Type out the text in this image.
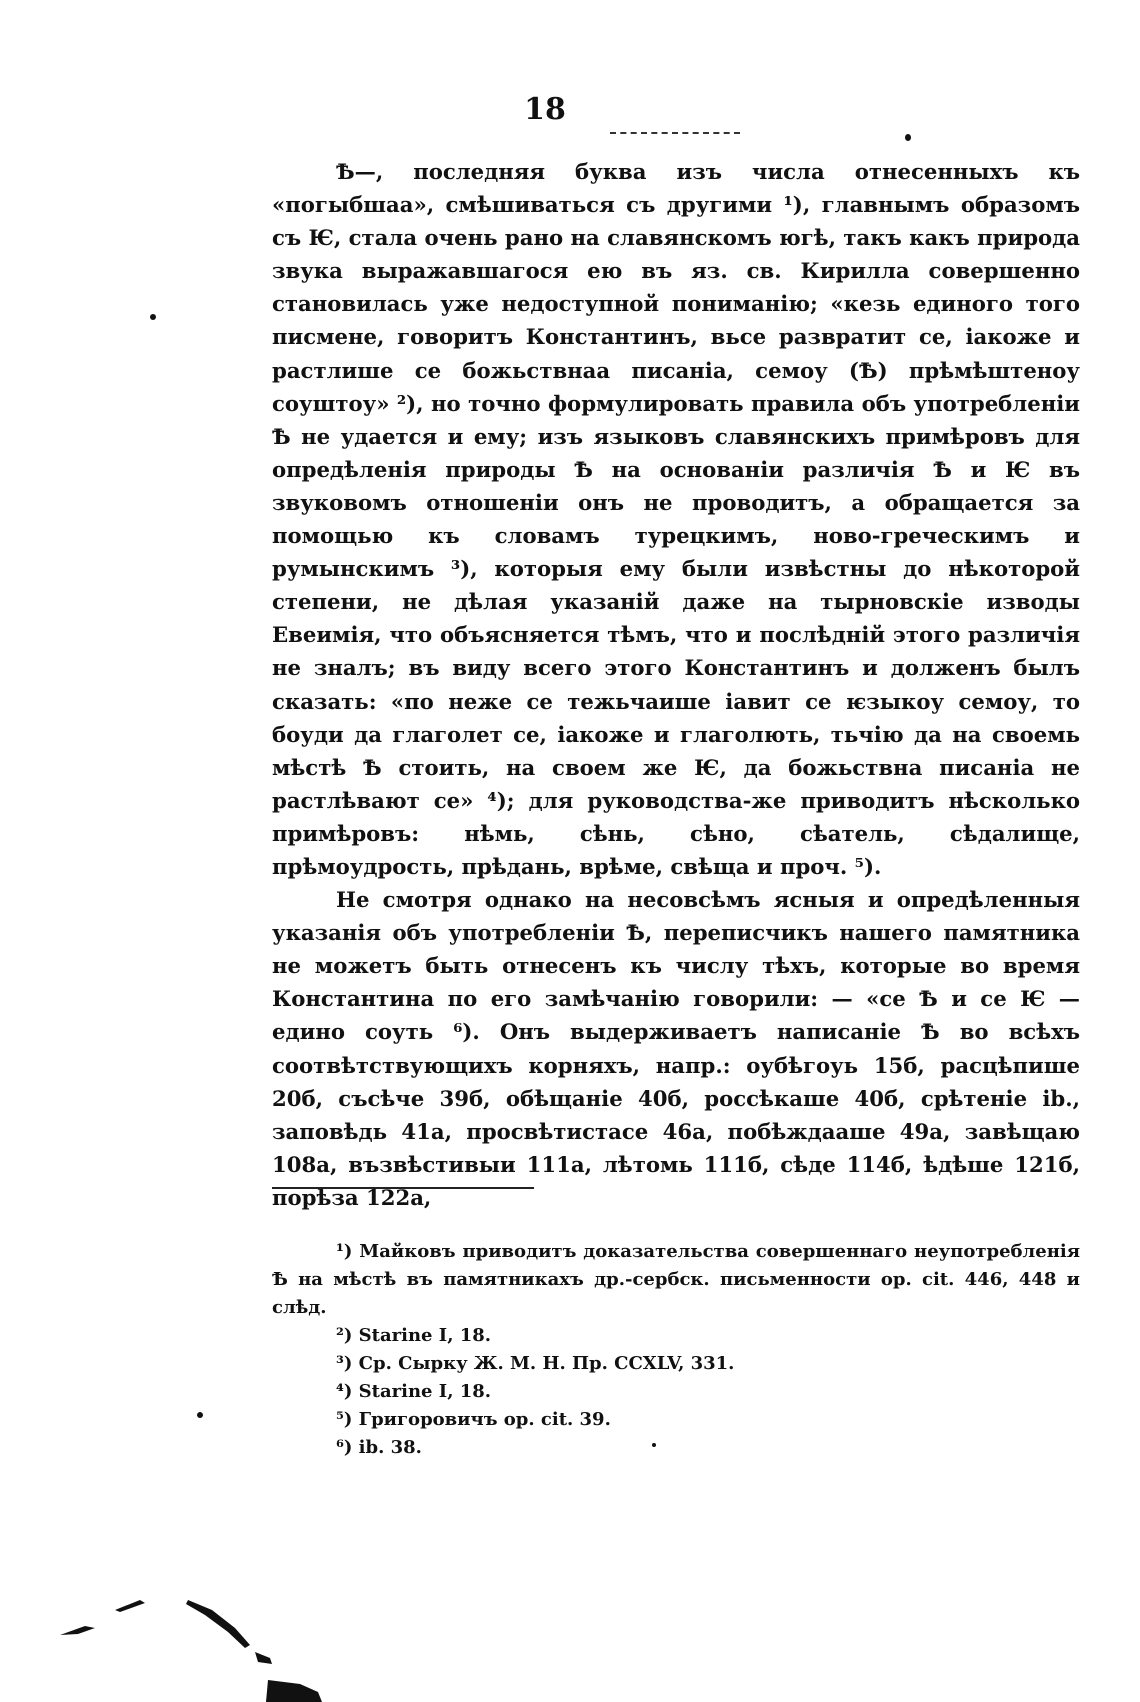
18

Ѣ—, последняя буква изъ числа отнесенныхъ къ «погыбшаа», смѣшиваться съ другими ¹), главнымъ образомъ съ Ѥ, стала очень рано на славянскомъ югѣ, такъ какъ природа звука выражавшагося ею въ яз. св. Кирилла совершенно становилась уже недоступной пониманію; «кезь единого того писмене, говоритъ Константинъ, вьсе развратит се, іакоже и растлише се божьствнаа писаніа, семоу (Ѣ) прѣмѣштеноу соуштоу» ²), но точно формулировать правила объ употребленіи Ѣ не удается и ему; изъ языковъ славянскихъ примѣровъ для опредѣленія природы Ѣ на основаніи различія Ѣ и Ѥ въ звуковомъ отношеніи онъ не проводитъ, а обращается за помощью къ словамъ турецкимъ, ново-греческимъ и румынскимъ ³), которыя ему были извѣстны до нѣкоторой степени, не дѣлая указаній даже на тырновскіе изводы Евеимія, что объясняется тѣмъ, что и послѣдній этого различія не зналъ; въ виду всего этого Константинъ и долженъ былъ сказать: «по неже се тежьчаише іавит се ѥзыкоу семоу, то боуди да глаголет се, іакоже и глаголють, тьчію да на своемь мѣстѣ Ѣ стоить, на своем же Ѥ, да божьствна писаніа не растлѣвают се» ⁴); для руководства-же приводитъ нѣсколько примѣровъ: нѣмь, сѣнь, сѣно, сѣатель, сѣдалище, прѣмоудрость, прѣдань, врѣме, свѣща и проч. ⁵).

Не смотря однако на несовсѣмъ ясныя и опредѣленныя указанія объ употребленіи Ѣ, переписчикъ нашего памятника не можетъ быть отнесенъ къ числу тѣхъ, которые во время Константина по его замѣчанію говорили: — «се Ѣ и се Ѥ — едино соуть ⁶). Онъ выдерживаетъ написаніе Ѣ во всѣхъ соотвѣтствующихъ корняхъ, напр.: оубѣгоуь 15б, расцѣпише 20б, съсѣче 39б, обѣщаніе 40б, россѣкаше 40б, срѣтеніе ib., заповѣдь 41а, просвѣтистасе 46а, побѣждааше 49а, завѣщаю 108а, възвѣстивыи 111а, лѣтомь 111б, сѣде 114б, ѣдѣше 121б, порѣза 122а,

¹) Майковъ приводитъ доказательства совершеннаго неупотребленія Ѣ на мѣстѣ въ памятникахъ др.-сербск. письменности op. cit. 446, 448 и слѣд.

²) Starine I, 18.

³) Ср. Сырку Ж. М. Н. Пр. CCXLV, 331.

⁴) Starine I, 18.

⁵) Григоровичъ op. cit. 39.

⁶) ib. 38.
